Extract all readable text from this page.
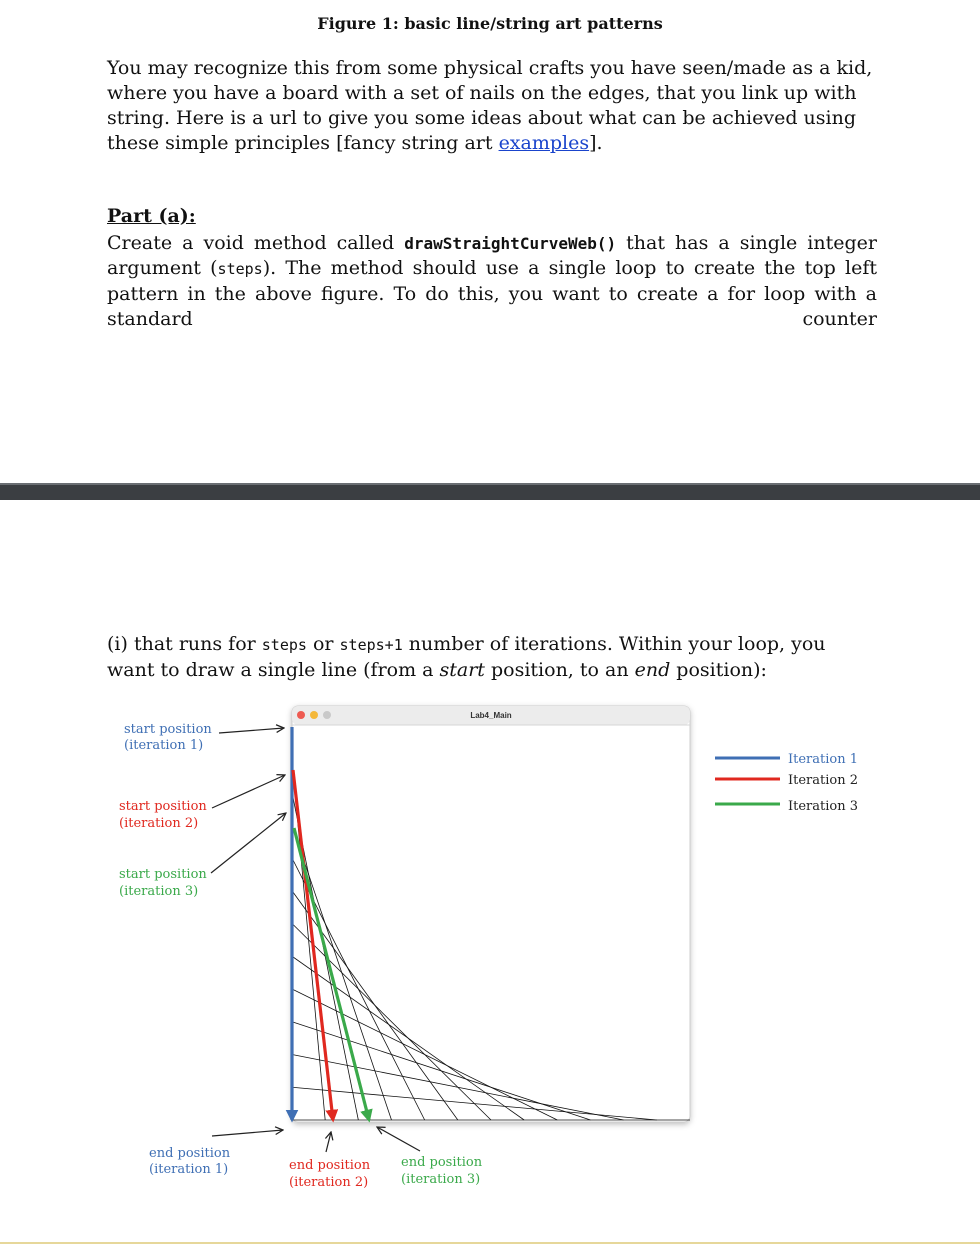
Figure 1: basic line/string art patterns

You may recognize this from some physical crafts you have seen/made as a kid, where you have a board with a set of nails on the edges, that you link up with string. Here is a url to give you some ideas about what can be achieved using these simple principles [fancy string art examples].

Part (a):

Create a void method called drawStraightCurveWeb() that has a single integer argument (steps). The method should use a single loop to create the top left pattern in the above figure. To do this, you want to create a for loop with a standard counter

(i) that runs for steps or steps+1 number of iterations. Within your loop, you want to draw a single line (from a start position, to an end position):

Lab4_Main
start position
(iteration 1)
start position
(iteration 2)
start position
(iteration 3)
end position
(iteration 1)	end position
(iteration 2)
end position
(iteration 3)
Iteration 1
Iteration 2
Iteration 3
